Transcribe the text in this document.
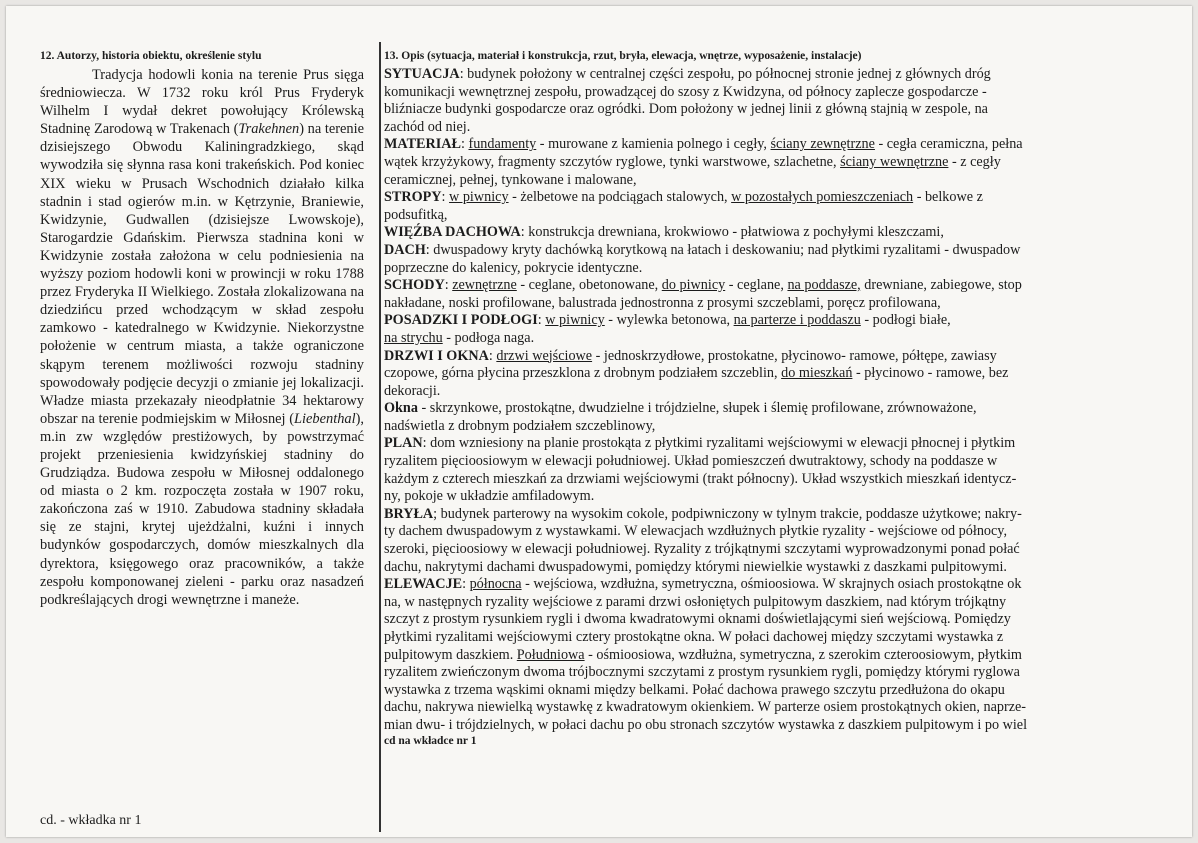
12. Autorzy, historia obiektu, określenie stylu

Tradycja hodowli konia na terenie Prus sięga średniowiecza. W 1732 roku król Prus Fryderyk Wilhelm I wydał dekret powołujący Królewską Stadninę Zarodową w Trakenach (Trakehnen) na terenie dzisiejszego Obwodu Kaliningradzkiego, skąd wywodziła się słynna rasa koni trakeńskich. Pod koniec XIX wieku w Prusach Wschodnich działało kilka stadnin i stad ogierów m.in. w Kętrzynie, Braniewie, Kwidzynie, Gudwallen (dzisiejsze Lwowskoje), Starogardzie Gdańskim. Pierwsza stadnina koni w Kwidzynie została założona w celu podniesienia na wyższy poziom hodowli koni w prowincji w roku 1788 przez Fryderyka II Wielkiego. Została zlokalizowana na dziedzińcu przed wchodzącym w skład zespołu zamkowo - katedralnego w Kwidzynie. Niekorzystne położenie w centrum miasta, a także ograniczone skąpym terenem możliwości rozwoju stadniny spowodowały podjęcie decyzji o zmianie jej lokalizacji. Władze miasta przekazały nieodpłatnie 34 hektarowy obszar na terenie podmiejskim w Miłosnej (Liebenthal), m.in zw względów prestiżowych, by powstrzymać projekt przeniesienia kwidzyńskiej stadniny do Grudziądza. Budowa zespołu w Miłosnej oddalonego od miasta o 2 km. rozpoczęta została w 1907 roku, zakończona zaś w 1910. Zabudowa stadniny składała się ze stajni, krytej ujeżdżalni, kuźni i innych budynków gospodarczych, domów mieszkalnych dla dyrektora, księgowego oraz pracowników, a także zespołu komponowanej zieleni - parku oraz nasadzeń podkreślających drogi wewnętrzne i maneże.

cd. - wkładka nr 1

13. Opis (sytuacja, materiał i konstrukcja, rzut, bryła, elewacja, wnętrze, wyposażenie, instalacje)
SYTUACJA: budynek położony w centralnej części zespołu, po północnej stronie jednej z głównych dróg
komunikacji wewnętrznej zespołu, prowadzącej do szosy z Kwidzyna, od północy zaplecze gospodarcze -
bliźniacze budynki gospodarcze oraz ogródki. Dom położony w jednej linii z główną stajnią w zespole, na
zachód od niej.
MATERIAŁ: fundamenty - murowane z kamienia polnego i cegły, ściany zewnętrzne - cegła ceramiczna, pełna
wątek krzyżykowy, fragmenty szczytów ryglowe, tynki warstwowe, szlachetne, ściany wewnętrzne - z cegły
ceramicznej, pełnej, tynkowane i malowane,
STROPY: w piwnicy - żelbetowe na podciągach stalowych, w pozostałych pomieszczeniach - belkowe z
podsufitką,
WIĘŹBA DACHOWA: konstrukcja drewniana, krokwiowo - płatwiowa z pochyłymi kleszczami,
DACH: dwuspadowy kryty dachówką korytkową na łatach i deskowaniu; nad płytkimi ryzalitami - dwuspadow
poprzeczne do kalenicy, pokrycie identyczne.
SCHODY: zewnętrzne - ceglane, obetonowane, do piwnicy - ceglane, na poddasze, drewniane, zabiegowe, stop
nakładane, noski profilowane, balustrada jednostronna z prosymi szczeblami, poręcz profilowana,
POSADZKI I PODŁOGI: w piwnicy - wylewka betonowa, na parterze i poddaszu - podłogi białe,
na strychu - podłoga naga.
DRZWI I OKNA: drzwi wejściowe - jednoskrzydłowe, prostokatne, płycinowo- ramowe, półtępe, zawiasy
czopowe, górna płycina przeszklona z drobnym podziałem szczeblin, do mieszkań - płycinowo - ramowe, bez
dekoracji.
Okna - skrzynkowe, prostokątne, dwudzielne i trójdzielne, słupek i ślemię profilowane, zrównoważone,
nadświetla z drobnym podziałem szczeblinowy,
PLAN: dom wzniesiony na planie prostokąta z płytkimi ryzalitami wejściowymi w elewacji płnocnej i płytkim
ryzalitem pięcioosiowym w elewacji południowej. Układ pomieszczeń dwutraktowy, schody na poddasze w
każdym z czterech mieszkań za drzwiami wejściowymi (trakt północny). Układ wszystkich mieszkań identycz-
ny, pokoje w układzie amfiladowym.
BRYŁA; budynek parterowy na wysokim cokole, podpiwniczony w tylnym trakcie, poddasze użytkowe; nakry-
ty dachem dwuspadowym z wystawkami. W elewacjach wzdłużnych płytkie ryzality - wejściowe od północy,
szeroki, pięcioosiowy w elewacji południowej. Ryzality z trójkątnymi szczytami wyprowadzonymi ponad połać
dachu, nakrytymi dachami dwuspadowymi, pomiędzy którymi niewielkie wystawki z daszkami pulpitowymi.
ELEWACJE: północna - wejściowa, wzdłużna, symetryczna, ośmioosiowa. W skrajnych osiach prostokątne ok
na, w następnych ryzality wejściowe z parami drzwi osłoniętych pulpitowym daszkiem, nad którym trójkątny
szczyt z prostym rysunkiem rygli i dwoma kwadratowymi oknami doświetlającymi sień wejściową. Pomiędzy
płytkimi ryzalitami wejściowymi cztery prostokątne okna. W połaci dachowej między szczytami wystawka z
pulpitowym daszkiem. Południowa - ośmioosiowa, wzdłużna, symetryczna, z szerokim czteroosiowym, płytkim
ryzalitem zwieńczonym dwoma trójbocznymi szczytami z prostym rysunkiem rygli, pomiędzy którymi ryglowa
wystawka z trzema wąskimi oknami między belkami. Połać dachowa prawego szczytu przedłużona do okapu
dachu, nakrywa niewielką wystawkę z kwadratowym okienkiem. W parterze osiem prostokątnych okien, naprze-
mian dwu- i trójdzielnych, w połaci dachu po obu stronach szczytów wystawka z daszkiem pulpitowym i po wiel
cd na wkładce nr 1
